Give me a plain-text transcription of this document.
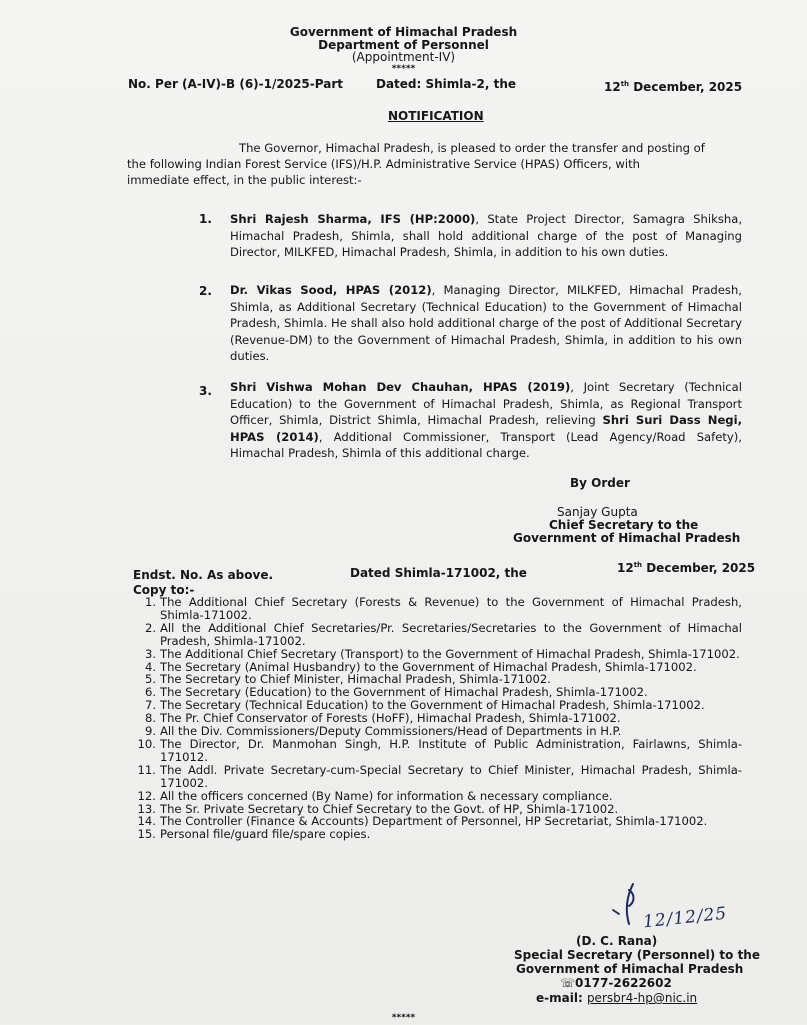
Government of Himachal Pradesh
Department of Personnel
(Appointment-IV)
*****
No. Per (A-IV)-B (6)-1/2025-Part	Dated: Shimla-2, the	12th December, 2025
NOTIFICATION

The Governor, Himachal Pradesh, is pleased to order the transfer and posting of

the following Indian Forest Service (IFS)/H.P. Administrative Service (HPAS) Officers, with

immediate effect, in the public interest:-

1. Shri Rajesh Sharma, IFS (HP:2000), State Project Director, Samagra Shiksha, Himachal Pradesh, Shimla, shall hold additional charge of the post of Managing Director, MILKFED, Himachal Pradesh, Shimla, in addition to his own duties.
2. Dr. Vikas Sood, HPAS (2012), Managing Director, MILKFED, Himachal Pradesh, Shimla, as Additional Secretary (Technical Education) to the Government of Himachal Pradesh, Shimla. He shall also hold additional charge of the post of Additional Secretary (Revenue-DM) to the Government of Himachal Pradesh, Shimla, in addition to his own duties.
3. Shri Vishwa Mohan Dev Chauhan, HPAS (2019), Joint Secretary (Technical Education) to the Government of Himachal Pradesh, Shimla, as Regional Transport Officer, Shimla, District Shimla, Himachal Pradesh, relieving Shri Suri Dass Negi, HPAS (2014), Additional Commissioner, Transport (Lead Agency/Road Safety), Himachal Pradesh, Shimla of this additional charge.
By Order
Sanjay Gupta
Chief Secretary to the
Government of Himachal Pradesh
Endst. No. As above.	Dated Shimla-171002, the	12th December, 2025
Copy to:-
1. The Additional Chief Secretary (Forests & Revenue) to the Government of Himachal Pradesh, Shimla-171002.
2. All the Additional Chief Secretaries/Pr. Secretaries/Secretaries to the Government of Himachal Pradesh, Shimla-171002.
3. The Additional Chief Secretary (Transport) to the Government of Himachal Pradesh, Shimla-171002.
4. The Secretary (Animal Husbandry) to the Government of Himachal Pradesh, Shimla-171002.
5. The Secretary to Chief Minister, Himachal Pradesh, Shimla-171002.
6. The Secretary (Education) to the Government of Himachal Pradesh, Shimla-171002.
7. The Secretary (Technical Education) to the Government of Himachal Pradesh, Shimla-171002.
8. The Pr. Chief Conservator of Forests (HoFF), Himachal Pradesh, Shimla-171002.
9. All the Div. Commissioners/Deputy Commissioners/Head of Departments in H.P.
10. The Director, Dr. Manmohan Singh, H.P. Institute of Public Administration, Fairlawns, Shimla-171012.
11. The Addl. Private Secretary-cum-Special Secretary to Chief Minister, Himachal Pradesh, Shimla-171002.
12. All the officers concerned (By Name) for information & necessary compliance.
13. The Sr. Private Secretary to Chief Secretary to the Govt. of HP, Shimla-171002.
14. The Controller (Finance & Accounts) Department of Personnel, HP Secretariat, Shimla-171002.
15. Personal file/guard file/spare copies.
12/12/25
(D. C. Rana)
Special Secretary (Personnel) to the
Government of Himachal Pradesh
☏0177-2622602
e-mail: persbr4-hp@nic.in
*****
